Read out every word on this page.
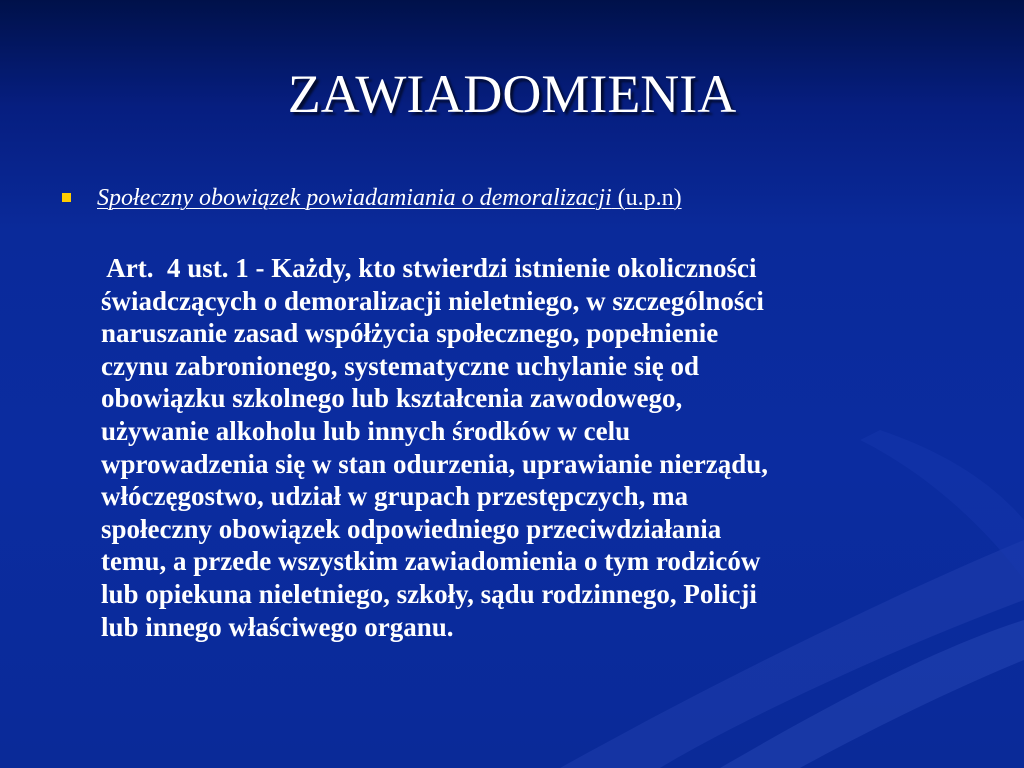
ZAWIADOMIENIA
Społeczny obowiązek powiadamiania o demoralizacji (u.p.n)
Art.  4 ust. 1 - Każdy, kto stwierdzi istnienie okoliczności
świadczących o demoralizacji nieletniego, w szczególności
naruszanie zasad współżycia społecznego, popełnienie
czynu zabronionego, systematyczne uchylanie się od
obowiązku szkolnego lub kształcenia zawodowego,
używanie alkoholu lub innych środków w celu
wprowadzenia się w stan odurzenia, uprawianie nierządu,
włóczęgostwo, udział w grupach przestępczych, ma
społeczny obowiązek odpowiedniego przeciwdziałania
temu, a przede wszystkim zawiadomienia o tym rodziców
lub opiekuna nieletniego, szkoły, sądu rodzinnego, Policji
lub innego właściwego organu.
